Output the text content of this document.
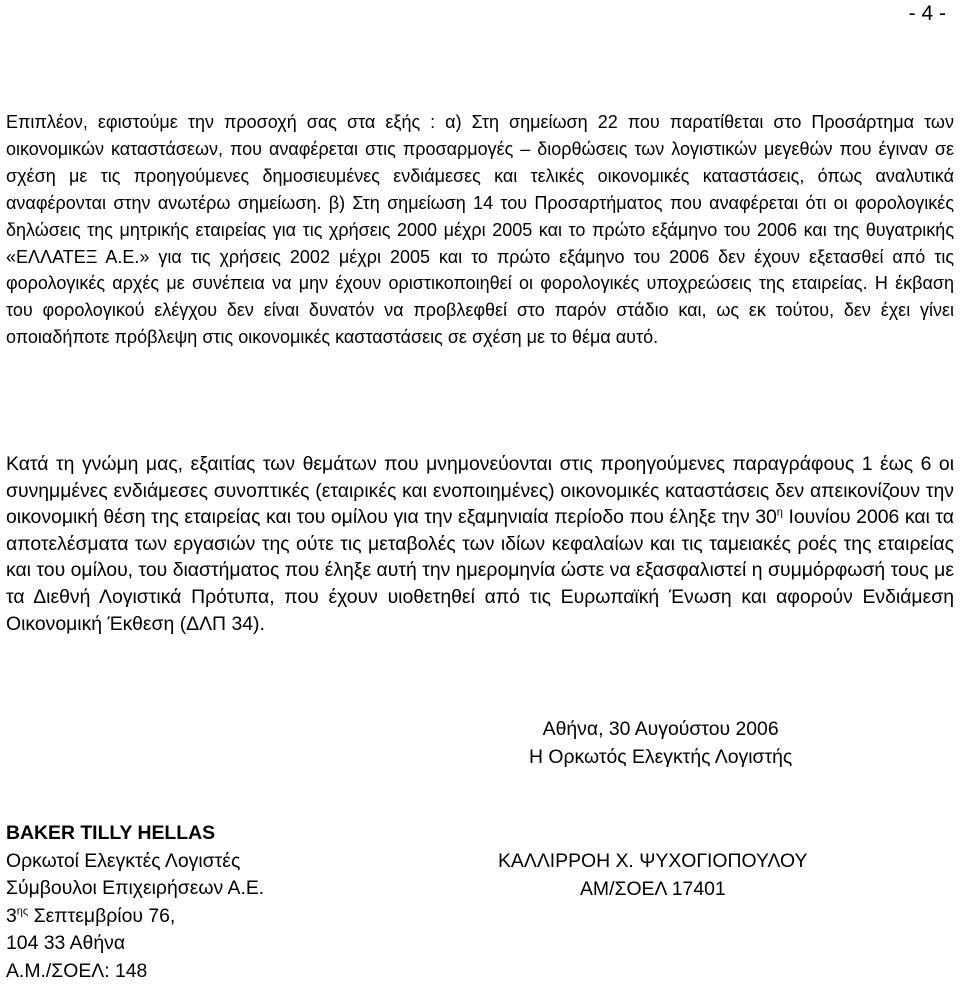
- 4 -

Επιπλέον, εφιστούμε την προσοχή σας στα εξής : α) Στη σημείωση 22 που παρατίθεται στο Προσάρτημα των οικονομικών καταστάσεων, που αναφέρεται στις προσαρμογές – διορθώσεις των λογιστικών μεγεθών που έγιναν σε σχέση με τις προηγούμενες δημοσιευμένες ενδιάμεσες και τελικές οικονομικές καταστάσεις, όπως αναλυτικά αναφέρονται στην ανωτέρω σημείωση. β) Στη σημείωση 14 του Προσαρτήματος που αναφέρεται ότι οι φορολογικές δηλώσεις της μητρικής εταιρείας για τις χρήσεις 2000 μέχρι 2005 και το πρώτο εξάμηνο του 2006 και της θυγατρικής «ΕΛΛΑΤΕΞ Α.Ε.» για τις χρήσεις 2002 μέχρι 2005 και το πρώτο εξάμηνο του 2006 δεν έχουν εξετασθεί από τις φορολογικές αρχές με συνέπεια να μην έχουν οριστικοποιηθεί οι φορολογικές υποχρεώσεις της εταιρείας. Η έκβαση του φορολογικού ελέγχου δεν είναι δυνατόν να προβλεφθεί στο παρόν στάδιο και, ως εκ τούτου, δεν έχει γίνει οποιαδήποτε πρόβλεψη στις οικονομικές κασταστάσεις σε σχέση με το θέμα αυτό.

Κατά τη γνώμη μας, εξαιτίας των θεμάτων που μνημονεύονται στις προηγούμενες παραγράφους 1 έως 6 οι συνημμένες ενδιάμεσες συνοπτικές (εταιρικές και ενοποιημένες) οικονομικές καταστάσεις δεν απεικονίζουν την οικονομική θέση της εταιρείας και του ομίλου για την εξαμηνιαία περίοδο που έληξε την $30^\eta$ Ιουνίου 2006 και τα αποτελέσματα των εργασιών της ούτε τις μεταβολές των ιδίων κεφαλαίων και τις ταμειακές ροές της εταιρείας και του ομίλου, του διαστήματος που έληξε αυτή την ημερομηνία ώστε να εξασφαλιστεί η συμμόρφωσή τους με τα Διεθνή Λογιστικά Πρότυπα, που έχουν υιοθετηθεί από τις Ευρωπαϊκή Ένωση και αφορούν Ενδιάμεση Οικονομική Έκθεση (ΔΛΠ 34).

Αθήνα, 30 Αυγούστου 2006
Η Ορκωτός Ελεγκτής Λογιστής
BAKER TILLY HELLAS
Ορκωτοί Ελεγκτές Λογιστές
Σύμβουλοι Επιχειρήσεων Α.Ε.
$3^{\eta\varsigma}$ Σεπτεμβρίου 76,
104 33 Αθήνα
Α.Μ./ΣΟΕΛ: 148
ΚΑΛΛΙΡΡΟΗ Χ. ΨΥΧΟΓΙΟΠΟΥΛΟΥ
ΑΜ/ΣΟΕΛ 17401
